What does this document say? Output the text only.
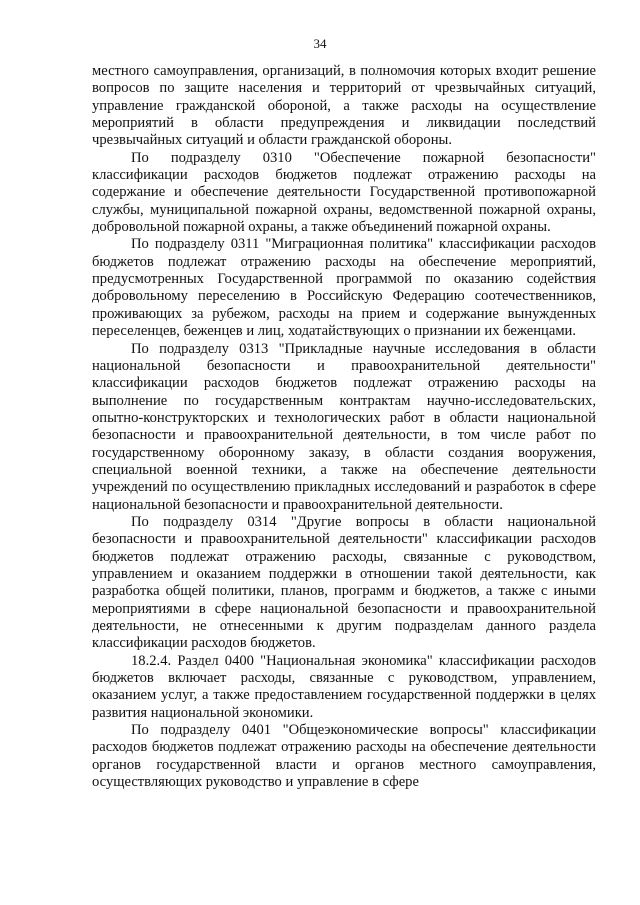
34

местного самоуправления, организаций, в полномочия которых входит решение вопросов по защите населения и территорий от чрезвычайных ситуаций, управление гражданской обороной, а также расходы на осуществление мероприятий в области предупреждения и ликвидации последствий чрезвычайных ситуаций и области гражданской обороны.

По подразделу 0310 "Обеспечение пожарной безопасности" классификации расходов бюджетов подлежат отражению расходы на содержание и обеспечение деятельности Государственной противопожарной службы, муниципальной пожарной охраны, ведомственной пожарной охраны, добровольной пожарной охраны, а также объединений пожарной охраны.

По подразделу 0311 "Миграционная политика" классификации расходов бюджетов подлежат отражению расходы на обеспечение мероприятий, предусмотренных Государственной программой по оказанию содействия добровольному переселению в Российскую Федерацию соотечественников, проживающих за рубежом, расходы на прием и содержание вынужденных переселенцев, беженцев и лиц, ходатайствующих о признании их беженцами.

По подразделу 0313 "Прикладные научные исследования в области национальной безопасности и правоохранительной деятельности" классификации расходов бюджетов подлежат отражению расходы на выполнение по государственным контрактам научно-исследовательских, опытно-конструкторских и технологических работ в области национальной безопасности и правоохранительной деятельности, в том числе работ по государственному оборонному заказу, в области создания вооружения, специальной военной техники, а также на обеспечение деятельности учреждений по осуществлению прикладных исследований и разработок в сфере национальной безопасности и правоохранительной деятельности.

По подразделу 0314 "Другие вопросы в области национальной безопасности и правоохранительной деятельности" классификации расходов бюджетов подлежат отражению расходы, связанные с руководством, управлением и оказанием поддержки в отношении такой деятельности, как разработка общей политики, планов, программ и бюджетов, а также с иными мероприятиями в сфере национальной безопасности и правоохранительной деятельности, не отнесенными к другим подразделам данного раздела классификации расходов бюджетов.

18.2.4. Раздел 0400 "Национальная экономика" классификации расходов бюджетов включает расходы, связанные с руководством, управлением, оказанием услуг, а также предоставлением государственной поддержки в целях развития национальной экономики.

По подразделу 0401 "Общеэкономические вопросы" классификации расходов бюджетов подлежат отражению расходы на обеспечение деятельности органов государственной власти и органов местного самоуправления, осуществляющих руководство и управление в сфере
